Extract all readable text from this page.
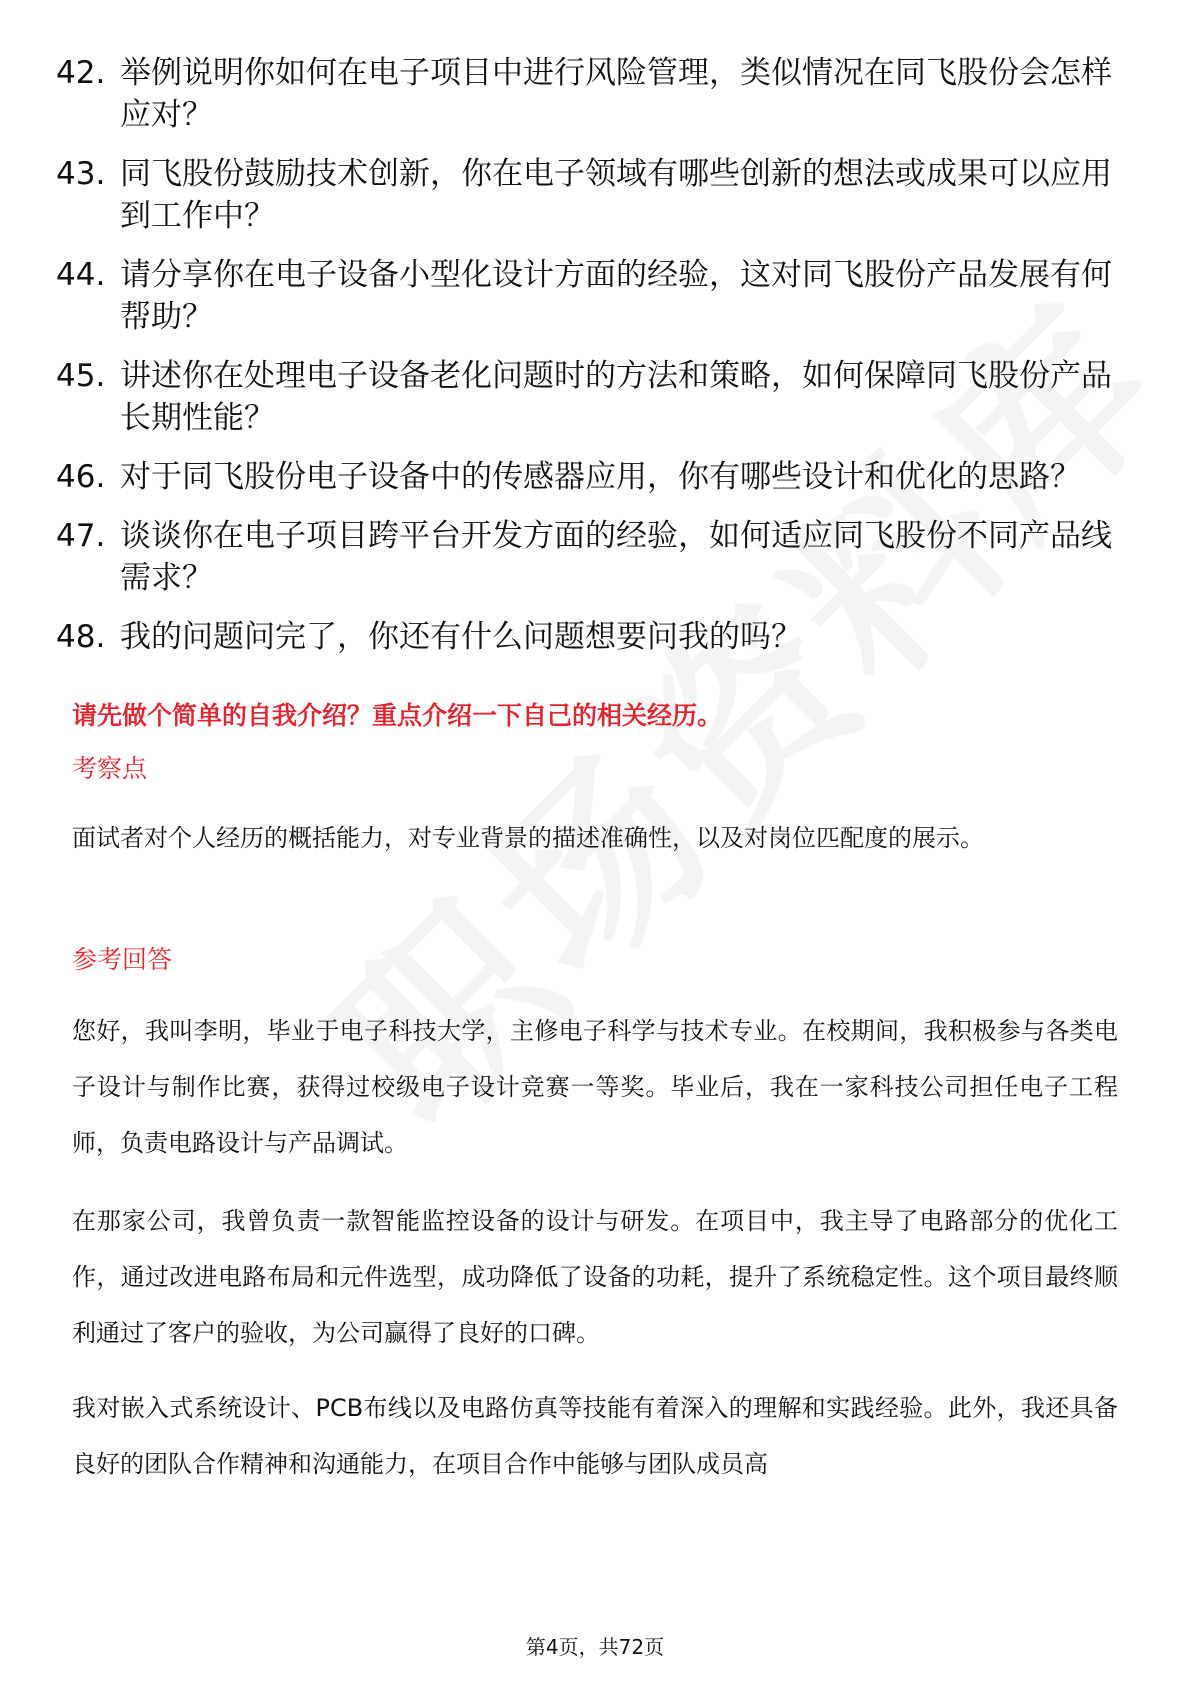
42. 举例说明你如何在电子项目中进行风险管理，类似情况在同飞股份会怎样应对？
43. 同飞股份鼓励技术创新，你在电子领域有哪些创新的想法或成果可以应用到工作中？
44. 请分享你在电子设备小型化设计方面的经验，这对同飞股份产品发展有何帮助？
45. 讲述你在处理电子设备老化问题时的方法和策略，如何保障同飞股份产品长期性能？
46. 对于同飞股份电子设备中的传感器应用，你有哪些设计和优化的思路？
47. 谈谈你在电子项目跨平台开发方面的经验，如何适应同飞股份不同产品线需求？
48. 我的问题问完了，你还有什么问题想要问我的吗？
请先做个简单的自我介绍？重点介绍一下自己的相关经历。
考察点

面试者对个人经历的概括能力，对专业背景的描述准确性，以及对岗位匹配度的展示。

参考回答

您好，我叫李明，毕业于电子科技大学，主修电子科学与技术专业。在校期间，我积极参与各类电子设计与制作比赛，获得过校级电子设计竞赛一等奖。毕业后，我在一家科技公司担任电子工程师，负责电路设计与产品调试。

在那家公司，我曾负责一款智能监控设备的设计与研发。在项目中，我主导了电路部分的优化工作，通过改进电路布局和元件选型，成功降低了设备的功耗，提升了系统稳定性。这个项目最终顺利通过了客户的验收，为公司赢得了良好的口碑。

我对嵌入式系统设计、PCB布线以及电路仿真等技能有着深入的理解和实践经验。此外，我还具备良好的团队合作精神和沟通能力，在项目合作中能够与团队成员高

第4页，共72页
